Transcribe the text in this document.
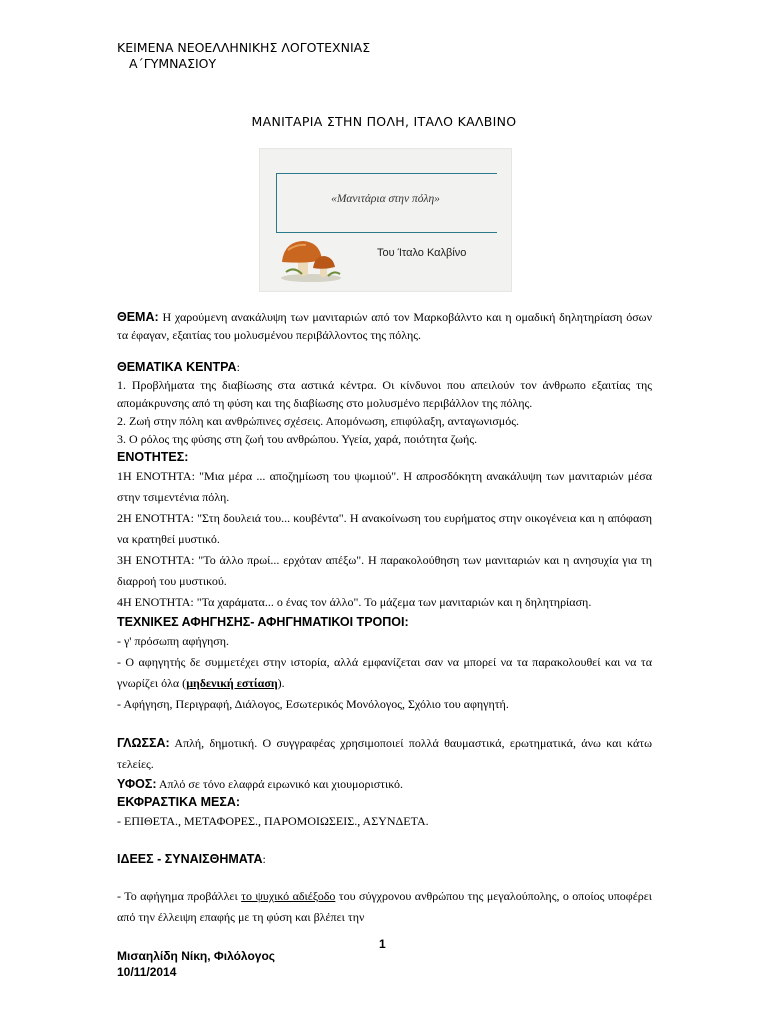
ΚΕΙΜΕΝΑ ΝΕΟΕΛΛΗΝΙΚΗΣ ΛΟΓΟΤΕΧΝΙΑΣ
Α΄ΓΥΜΝΑΣΙΟΥ
ΜΑΝΙΤΑΡΙΑ ΣΤΗΝ ΠΟΛΗ, ΙΤΑΛΟ ΚΑΛΒΙΝΟ
«Μανιτάρια στην πόλη»
Του Ίταλο Καλβίνο

ΘΕΜΑ: Η χαρούμενη ανακάλυψη των μανιταριών από τον Μαρκοβάλντο και η ομαδική δηλητηρίαση όσων τα έφαγαν, εξαιτίας του μολυσμένου περιβάλλοντος της πόλης.

ΘΕΜΑΤΙΚΑ ΚΕΝΤΡΑ:

1. Προβλήματα της διαβίωσης στα αστικά κέντρα. Οι κίνδυνοι που απειλούν τον άνθρωπο εξαιτίας της απομάκρυνσης από τη φύση και της διαβίωσης στο μολυσμένο περιβάλλον της πόλης.

2. Ζωή στην πόλη και ανθρώπινες σχέσεις. Απομόνωση, επιφύλαξη, ανταγωνισμός.

3. Ο ρόλος της φύσης στη ζωή του ανθρώπου. Υγεία, χαρά, ποιότητα ζωής.

ΕΝΟΤΗΤΕΣ:

1Η ΕΝΟΤΗΤΑ: "Μια μέρα ... αποζημίωση του ψωμιού". Η απροσδόκητη ανακάλυψη των μανιταριών μέσα στην τσιμεντένια πόλη.

2Η ΕΝΟΤΗΤΑ: "Στη δουλειά του... κουβέντα". Η ανακοίνωση του ευρήματος στην οικογένεια και η απόφαση να κρατηθεί μυστικό.

3Η ΕΝΟΤΗΤΑ: "Το άλλο πρωί... ερχόταν απέξω". Η παρακολούθηση των μανιταριών και η ανησυχία για τη διαρροή του μυστικού.

4Η ΕΝΟΤΗΤΑ: "Τα χαράματα... ο ένας τον άλλο". Το μάζεμα των μανιταριών και η δηλητηρίαση.

ΤΕΧΝΙΚΕΣ ΑΦΗΓΗΣΗΣ- ΑΦΗΓΗΜΑΤΙΚΟΙ ΤΡΟΠΟΙ:

- γ' πρόσωπη αφήγηση.

- Ο αφηγητής δε συμμετέχει στην ιστορία, αλλά εμφανίζεται σαν να μπορεί να τα παρακολουθεί και να τα γνωρίζει όλα (μηδενική εστίαση).

- Αφήγηση, Περιγραφή, Διάλογος, Εσωτερικός Μονόλογος, Σχόλιο του αφηγητή.

ΓΛΩΣΣΑ: Απλή, δημοτική. Ο συγγραφέας χρησιμοποιεί πολλά θαυμαστικά, ερωτηματικά, άνω και κάτω τελείες.

ΥΦΟΣ: Απλό σε τόνο ελαφρά ειρωνικό και χιουμοριστικό.

ΕΚΦΡΑΣΤΙΚΑ ΜΕΣΑ:

- ΕΠΙΘΕΤΑ., ΜΕΤΑΦΟΡΕΣ., ΠΑΡΟΜΟΙΩΣΕΙΣ., ΑΣΥΝΔΕΤΑ.

ΙΔΕΕΣ - ΣΥΝΑΙΣΘΗΜΑΤΑ:

- Το αφήγημα προβάλλει το ψυχικό αδιέξοδο του σύγχρονου ανθρώπου της μεγαλούπολης, ο οποίος υποφέρει από την έλλειψη επαφής με τη φύση και βλέπει την

1
Μισαηλίδη Νίκη, Φιλόλογος
10/11/2014
